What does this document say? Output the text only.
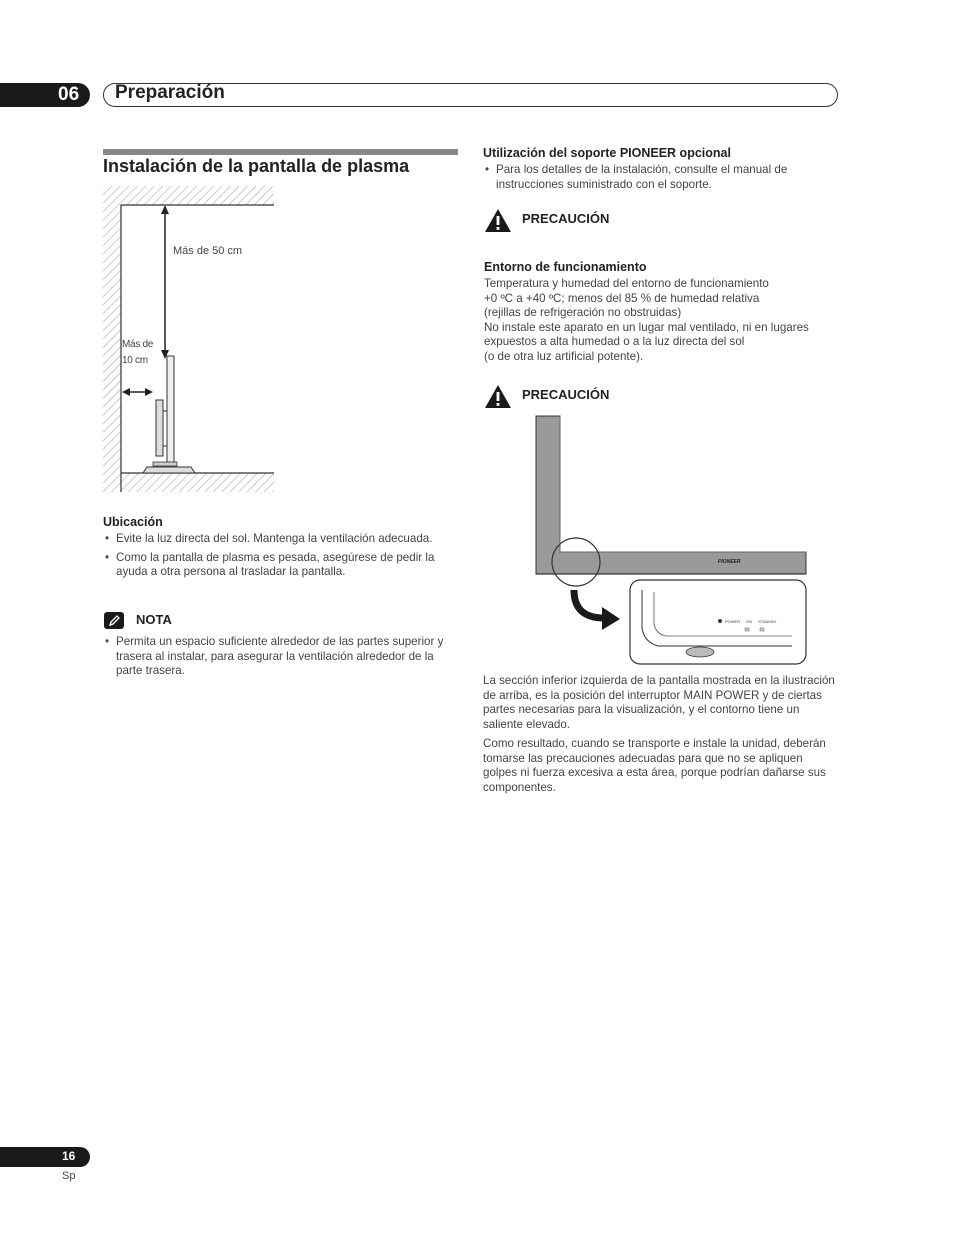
06 Preparación
Instalación de la pantalla de plasma
Más de 50 cm
Más de
10 cm
Ubicación
• Evite la luz directa del sol. Mantenga la ventilación adecuada.
• Como la pantalla de plasma es pesada, asegúrese de pedir la ayuda a otra persona al trasladar la pantalla.
NOTA
• Permita un espacio suficiente alrededor de las partes superior y trasera al instalar, para asegurar la ventilación alrededor de la parte trasera.
Utilización del soporte PIONEER opcional
• Para los detalles de la instalación, consulte el manual de instrucciones suministrado con el soporte.
PRECAUCIÓN
Entorno de funcionamiento
Temperatura y humedad del entorno de funcionamiento
+0 ºC a +40 ºC; menos del 85 % de humedad relativa
(rejillas de refrigeración no obstruidas)
No instale este aparato en un lugar mal ventilado, ni en lugares
expuestos a alta humedad o a la luz directa del sol
(o de otra luz artificial potente).
PRECAUCIÓN
PIONEER
POWER ON STANDBY
La sección inferior izquierda de la pantalla mostrada en la ilustración de arriba, es la posición del interruptor MAIN POWER y de ciertas partes necesarias para la visualización, y el contorno tiene un saliente elevado.
Como resultado, cuando se transporte e instale la unidad, deberán tomarse las precauciones adecuadas para que no se apliquen golpes ni fuerza excesiva a esta área, porque podrían dañarse sus componentes.
16
Sp
